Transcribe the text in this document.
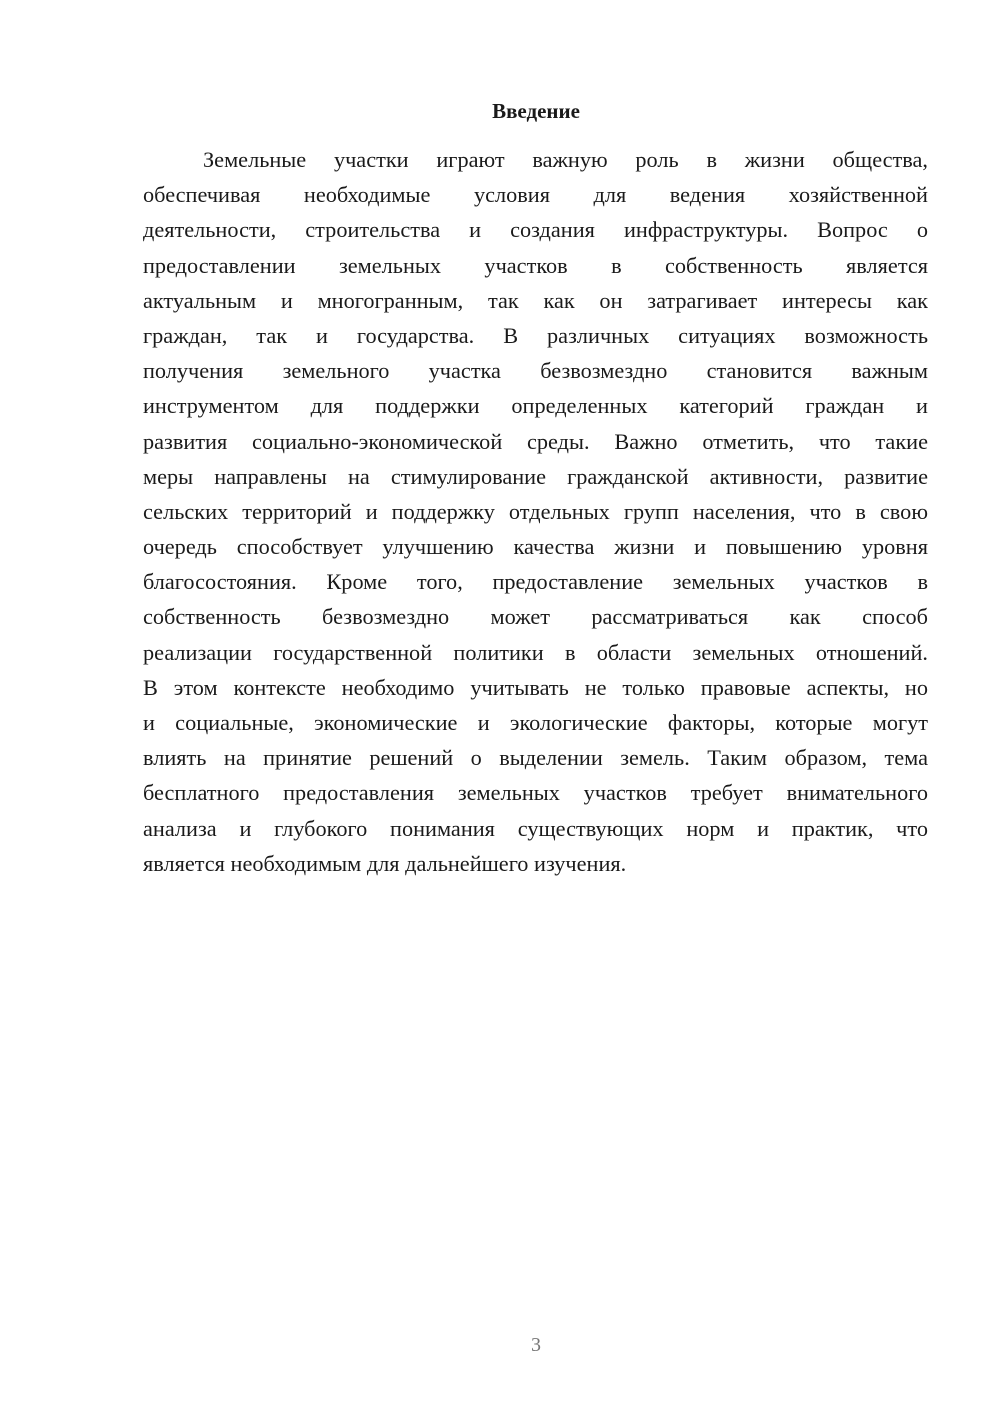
Введение
Земельные участки играют важную роль в жизни общества,
обеспечивая необходимые условия для ведения хозяйственной
деятельности, строительства и создания инфраструктуры. Вопрос о
предоставлении земельных участков в собственность является
актуальным и многогранным, так как он затрагивает интересы как
граждан, так и государства. В различных ситуациях возможность
получения земельного участка безвозмездно становится важным
инструментом для поддержки определенных категорий граждан и
развития социально-экономической среды. Важно отметить, что такие
меры направлены на стимулирование гражданской активности, развитие
сельских территорий и поддержку отдельных групп населения, что в свою
очередь способствует улучшению качества жизни и повышению уровня
благосостояния. Кроме того, предоставление земельных участков в
собственность безвозмездно может рассматриваться как способ
реализации государственной политики в области земельных отношений.
В этом контексте необходимо учитывать не только правовые аспекты, но
и социальные, экономические и экологические факторы, которые могут
влиять на принятие решений о выделении земель. Таким образом, тема
бесплатного предоставления земельных участков требует внимательного
анализа и глубокого понимания существующих норм и практик, что
является необходимым для дальнейшего изучения.
3
